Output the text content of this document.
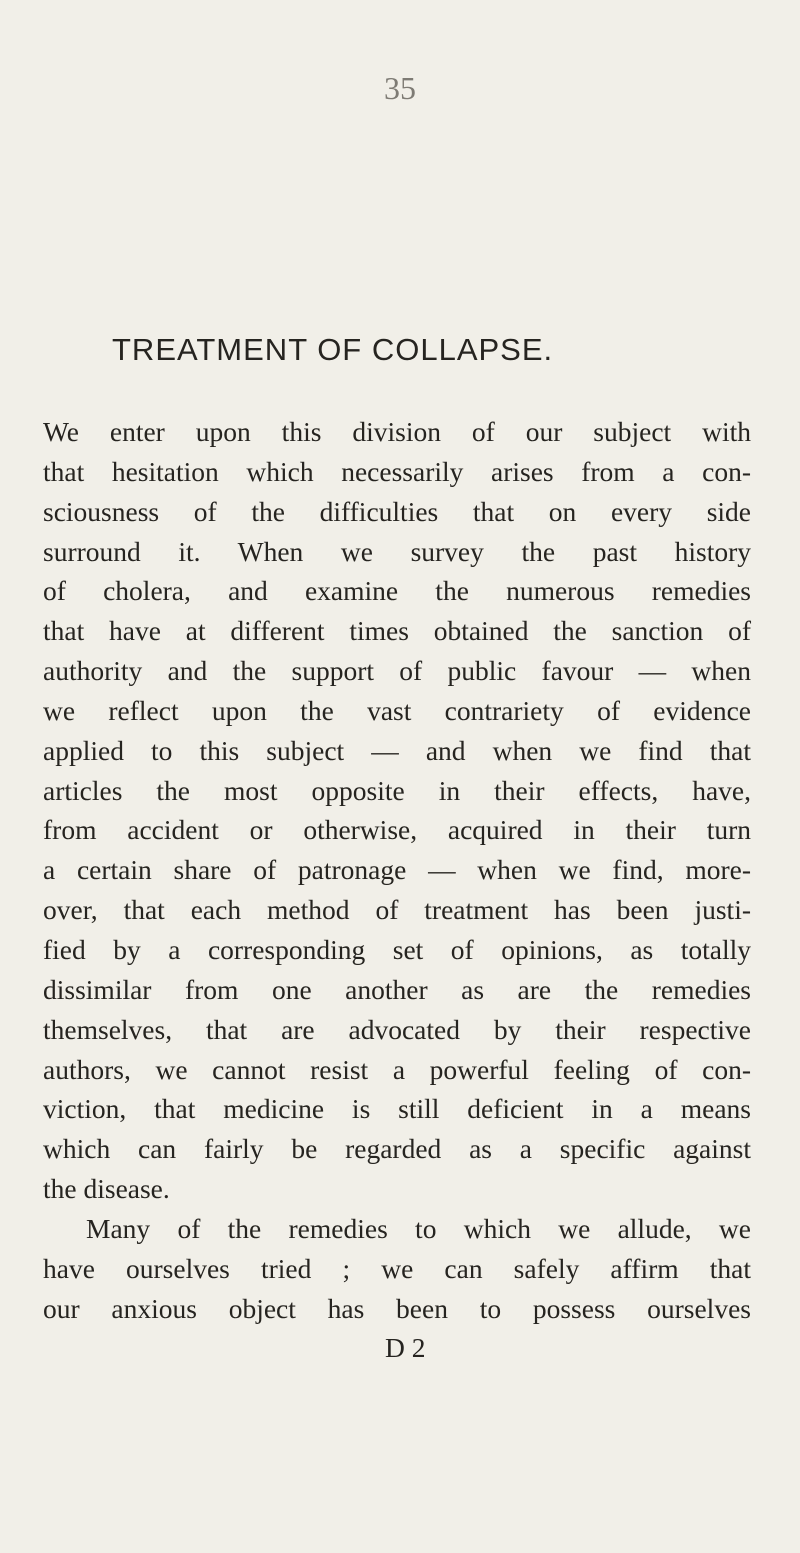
35
TREATMENT OF COLLAPSE.
We enter upon this division of our subject with
that hesitation which necessarily arises from a con-
sciousness of the difficulties that on every side
surround it. When we survey the past history
of cholera, and examine the numerous remedies
that have at different times obtained the sanction of
authority and the support of public favour — when
we reflect upon the vast contrariety of evidence
applied to this subject — and when we find that
articles the most opposite in their effects, have,
from accident or otherwise, acquired in their turn
a certain share of patronage — when we find, more-
over, that each method of treatment has been justi-
fied by a corresponding set of opinions, as totally
dissimilar from one another as are the remedies
themselves, that are advocated by their respective
authors, we cannot resist a powerful feeling of con-
viction, that medicine is still deficient in a means
which can fairly be regarded as a specific against
the disease.
Many of the remedies to which we allude, we
have ourselves tried ; we can safely affirm that
our anxious object has been to possess ourselves
D 2
